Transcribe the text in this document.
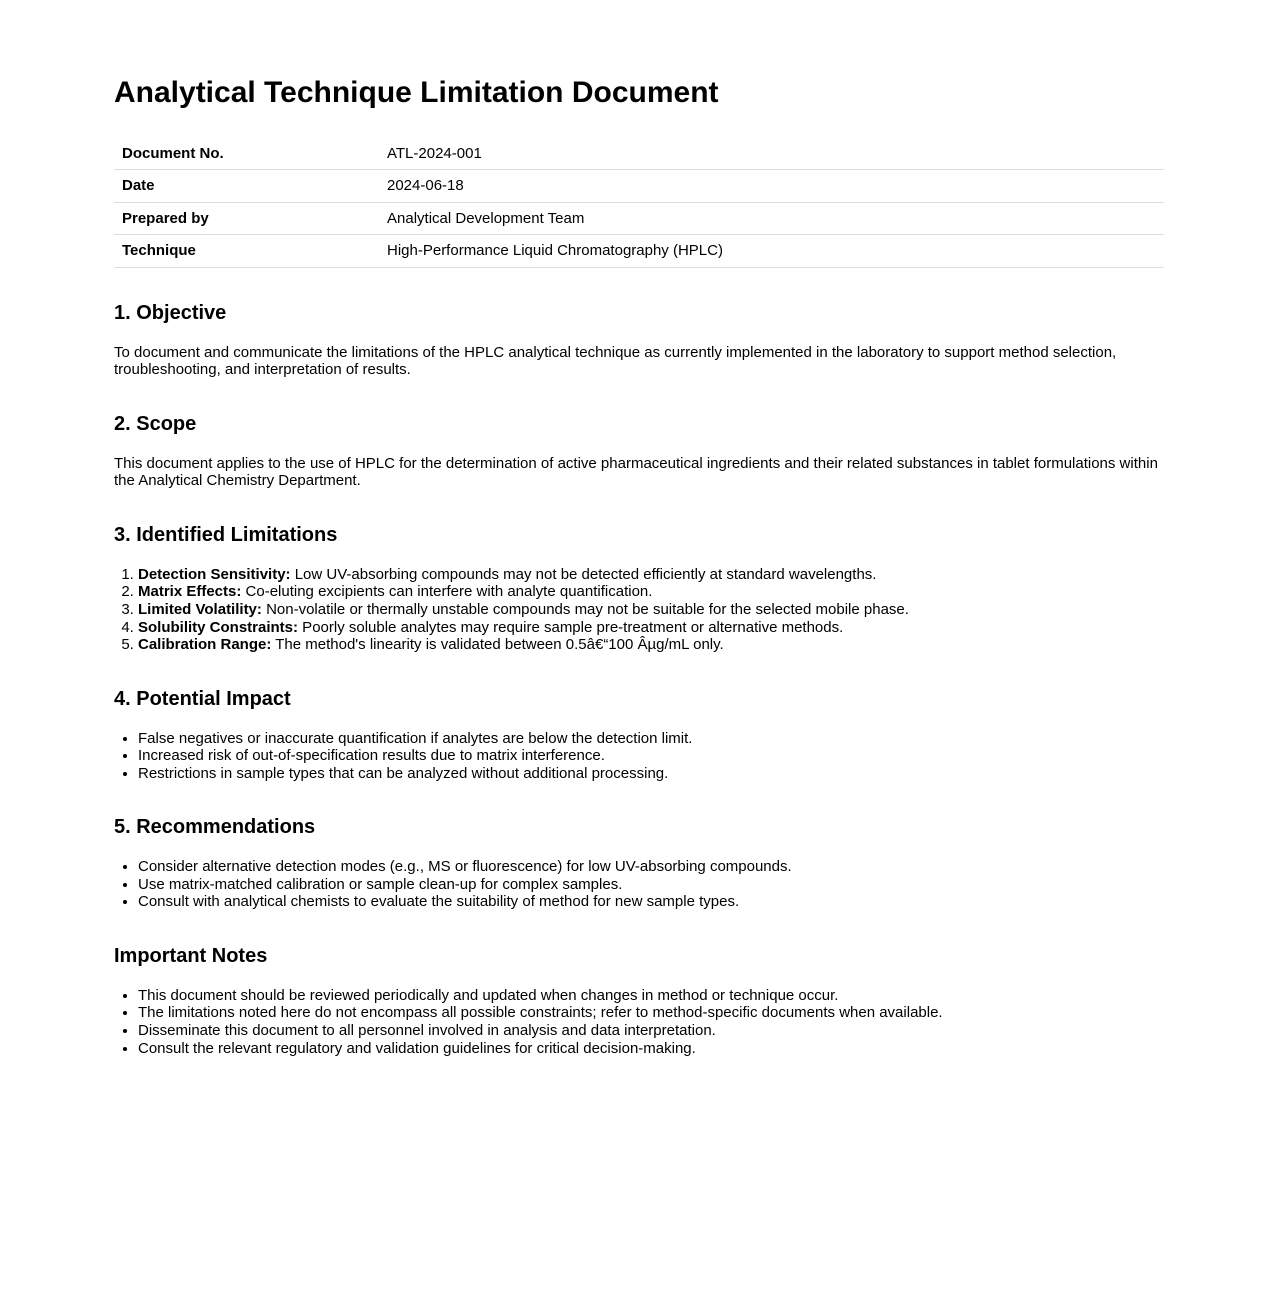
Analytical Technique Limitation Document
Document No.	ATL-2024-001
Date	2024-06-18
Prepared by	Analytical Development Team
Technique	High-Performance Liquid Chromatography (HPLC)
1. Objective

To document and communicate the limitations of the HPLC analytical technique as currently implemented in the laboratory to support method selection, troubleshooting, and interpretation of results.

2. Scope

This document applies to the use of HPLC for the determination of active pharmaceutical ingredients and their related substances in tablet formulations within the Analytical Chemistry Department.

3. Identified Limitations
1. Detection Sensitivity: Low UV-absorbing compounds may not be detected efficiently at standard wavelengths.
2. Matrix Effects: Co-eluting excipients can interfere with analyte quantification.
3. Limited Volatility: Non-volatile or thermally unstable compounds may not be suitable for the selected mobile phase.
4. Solubility Constraints: Poorly soluble analytes may require sample pre-treatment or alternative methods.
5. Calibration Range: The method's linearity is validated between 0.5â€“100 Âµg/mL only.
4. Potential Impact
• False negatives or inaccurate quantification if analytes are below the detection limit.
• Increased risk of out-of-specification results due to matrix interference.
• Restrictions in sample types that can be analyzed without additional processing.
5. Recommendations
• Consider alternative detection modes (e.g., MS or fluorescence) for low UV-absorbing compounds.
• Use matrix-matched calibration or sample clean-up for complex samples.
• Consult with analytical chemists to evaluate the suitability of method for new sample types.
Important Notes
• This document should be reviewed periodically and updated when changes in method or technique occur.
• The limitations noted here do not encompass all possible constraints; refer to method-specific documents when available.
• Disseminate this document to all personnel involved in analysis and data interpretation.
• Consult the relevant regulatory and validation guidelines for critical decision-making.
